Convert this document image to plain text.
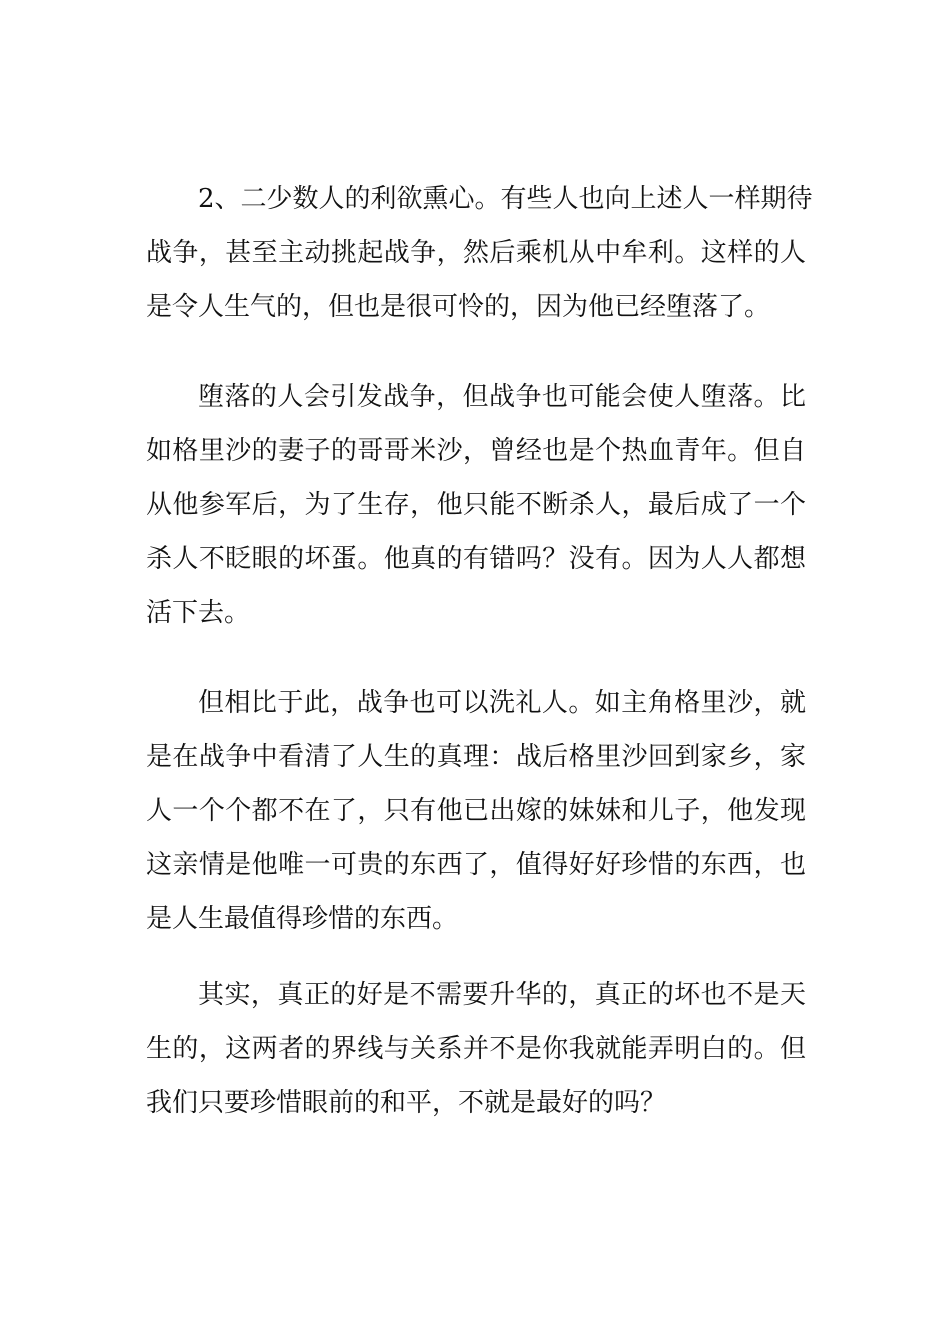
2、二少数人的利欲熏心。有些人也向上述人一样期待
战争，甚至主动挑起战争，然后乘机从中牟利。这样的人
是令人生气的，但也是很可怜的，因为他已经堕落了。
堕落的人会引发战争，但战争也可能会使人堕落。比
如格里沙的妻子的哥哥米沙，曾经也是个热血青年。但自
从他参军后，为了生存，他只能不断杀人，最后成了一个
杀人不眨眼的坏蛋。他真的有错吗？没有。因为人人都想
活下去。
但相比于此，战争也可以洗礼人。如主角格里沙，就
是在战争中看清了人生的真理：战后格里沙回到家乡，家
人一个个都不在了，只有他已出嫁的妹妹和儿子，他发现
这亲情是他唯一可贵的东西了，值得好好珍惜的东西，也
是人生最值得珍惜的东西。
其实，真正的好是不需要升华的，真正的坏也不是天
生的，这两者的界线与关系并不是你我就能弄明白的。但
我们只要珍惜眼前的和平，不就是最好的吗？
